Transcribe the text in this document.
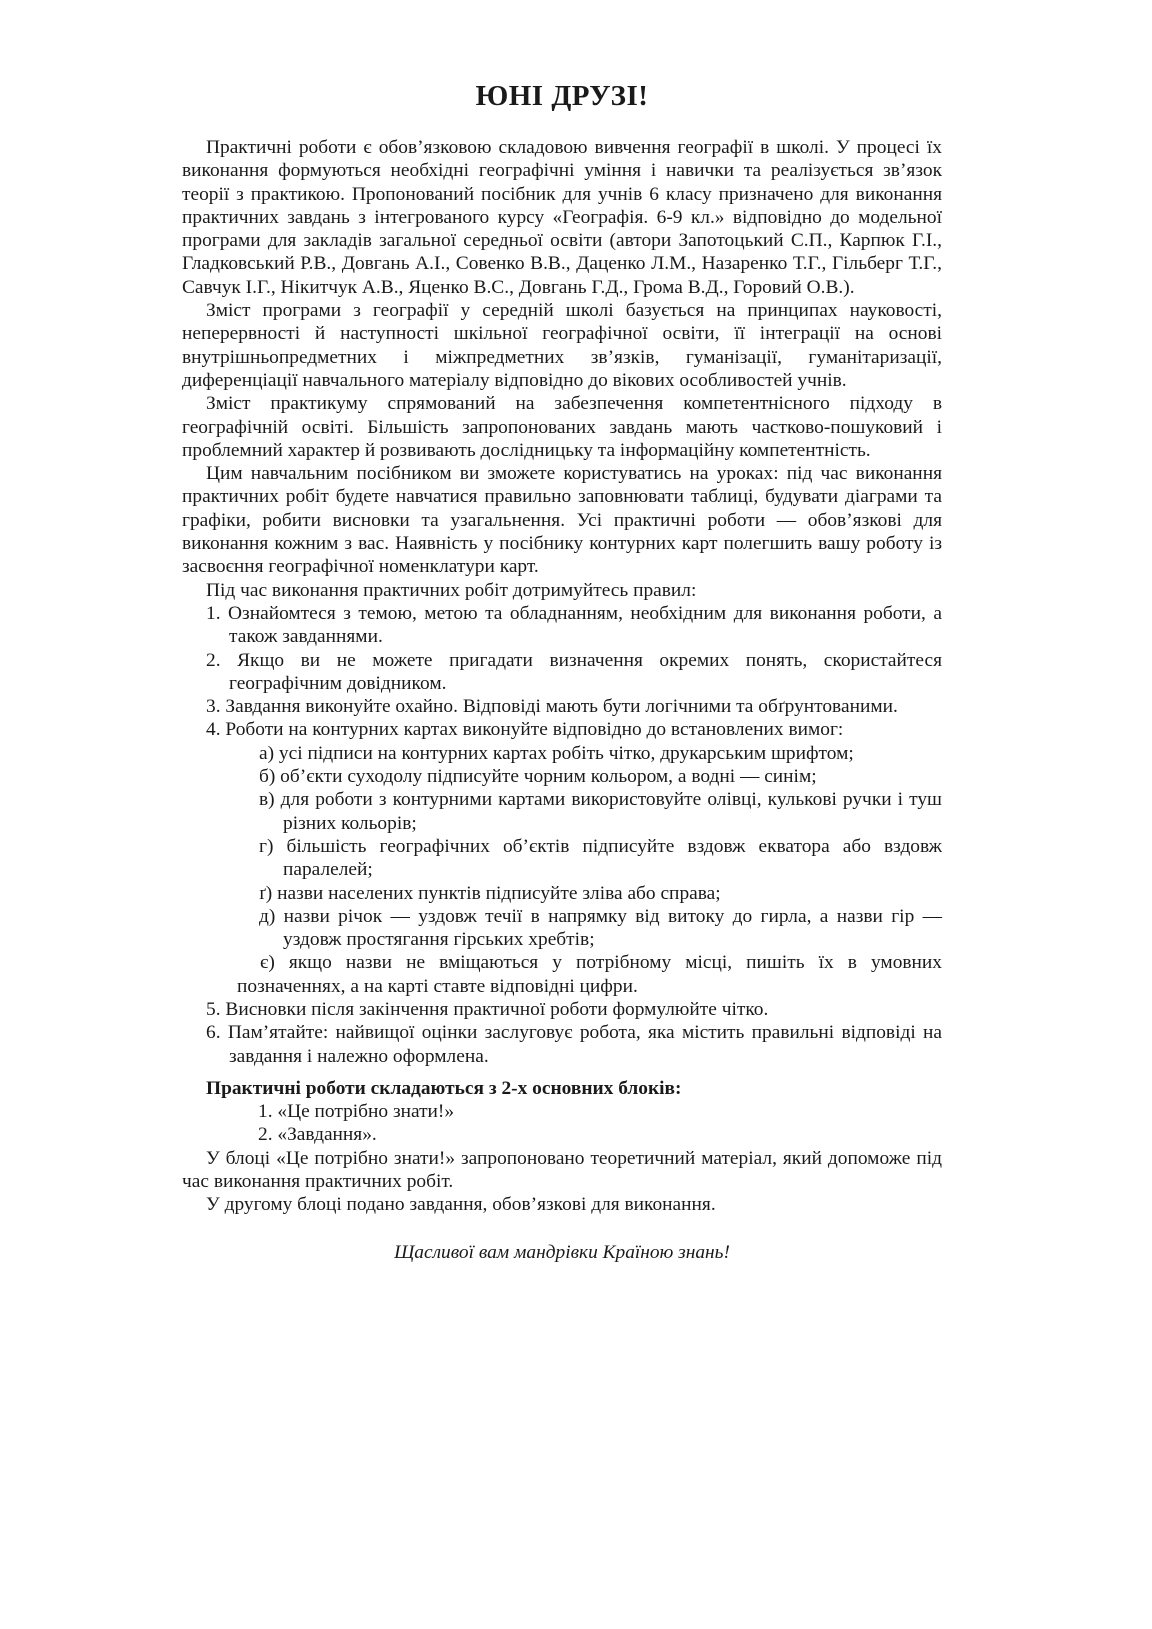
ЮНІ ДРУЗІ!

Практичні роботи є обов’язковою складовою вивчення географії в школі. У процесі їх виконання формуються необхідні географічні уміння і навички та реалізується зв’язок теорії з практикою. Пропонований посібник для учнів 6 класу призначено для виконання практичних завдань з інтегрованого курсу «Географія. 6-9 кл.» відповідно до модельної програми для закладів загальної середньої освіти (автори Запотоцький С.П., Карпюк Г.І., Гладковський Р.В., Довгань А.І., Совенко В.В., Даценко Л.М., Назаренко Т.Г., Гільберг Т.Г., Савчук І.Г., Нікитчук А.В., Яценко В.С., Довгань Г.Д., Грома В.Д., Горовий О.В.).

Зміст програми з географії у середній школі базується на принципах науковості, неперервності й наступності шкільної географічної освіти, її інтеграції на основі внутрішньопредметних і міжпредметних зв’язків, гуманізації, гуманітаризації, диференціації навчального матеріалу відповідно до вікових особливостей учнів.

Зміст практикуму спрямований на забезпечення компетентнісного підходу в географічній освіті. Більшість запропонованих завдань мають частково-пошуковий і проблемний характер й розвивають дослідницьку та інформаційну компетентність.

Цим навчальним посібником ви зможете користуватись на уроках: під час виконання практичних робіт будете навчатися правильно заповнювати таблиці, будувати діаграми та графіки, робити висновки та узагальнення. Усі практичні роботи — обов’язкові для виконання кожним з вас. Наявність у посібнику контурних карт полегшить вашу роботу із засвоєння географічної номенклатури карт.

Під час виконання практичних робіт дотримуйтесь правил:

1. Ознайомтеся з темою, метою та обладнанням, необхідним для виконання роботи, а також завданнями.
2. Якщо ви не можете пригадати визначення окремих понять, скористайтеся географічним довідником.
3. Завдання виконуйте охайно. Відповіді мають бути логічними та обґрунтованими.
4. Роботи на контурних картах виконуйте відповідно до встановлених вимог:
а) усі підписи на контурних картах робіть чітко, друкарським шрифтом;
б) об’єкти суходолу підписуйте чорним кольором, а водні — синім;
в) для роботи з контурними картами використовуйте олівці, кулькові ручки і туш різних кольорів;
г) більшість географічних об’єктів підписуйте вздовж екватора або вздовж паралелей;
ґ) назви населених пунктів підписуйте зліва або справа;
д) назви річок — уздовж течії в напрямку від витоку до гирла, а назви гір — уздовж простягання гірських хребтів;
є) якщо назви не вміщаються у потрібному місці, пишіть їх в умовних позначеннях, а на карті ставте відповідні цифри.
5. Висновки після закінчення практичної роботи формулюйте чітко.
6. Пам’ятайте: найвищої оцінки заслуговує робота, яка містить правильні відповіді на завдання і належно оформлена.

Практичні роботи складаються з 2-х основних блоків:

1. «Це потрібно знати!»
2. «Завдання».

У блоці «Це потрібно знати!» запропоновано теоретичний матеріал, який допоможе під час виконання практичних робіт.

У другому блоці подано завдання, обов’язкові для виконання.

Щасливої вам мандрівки Країною знань!
